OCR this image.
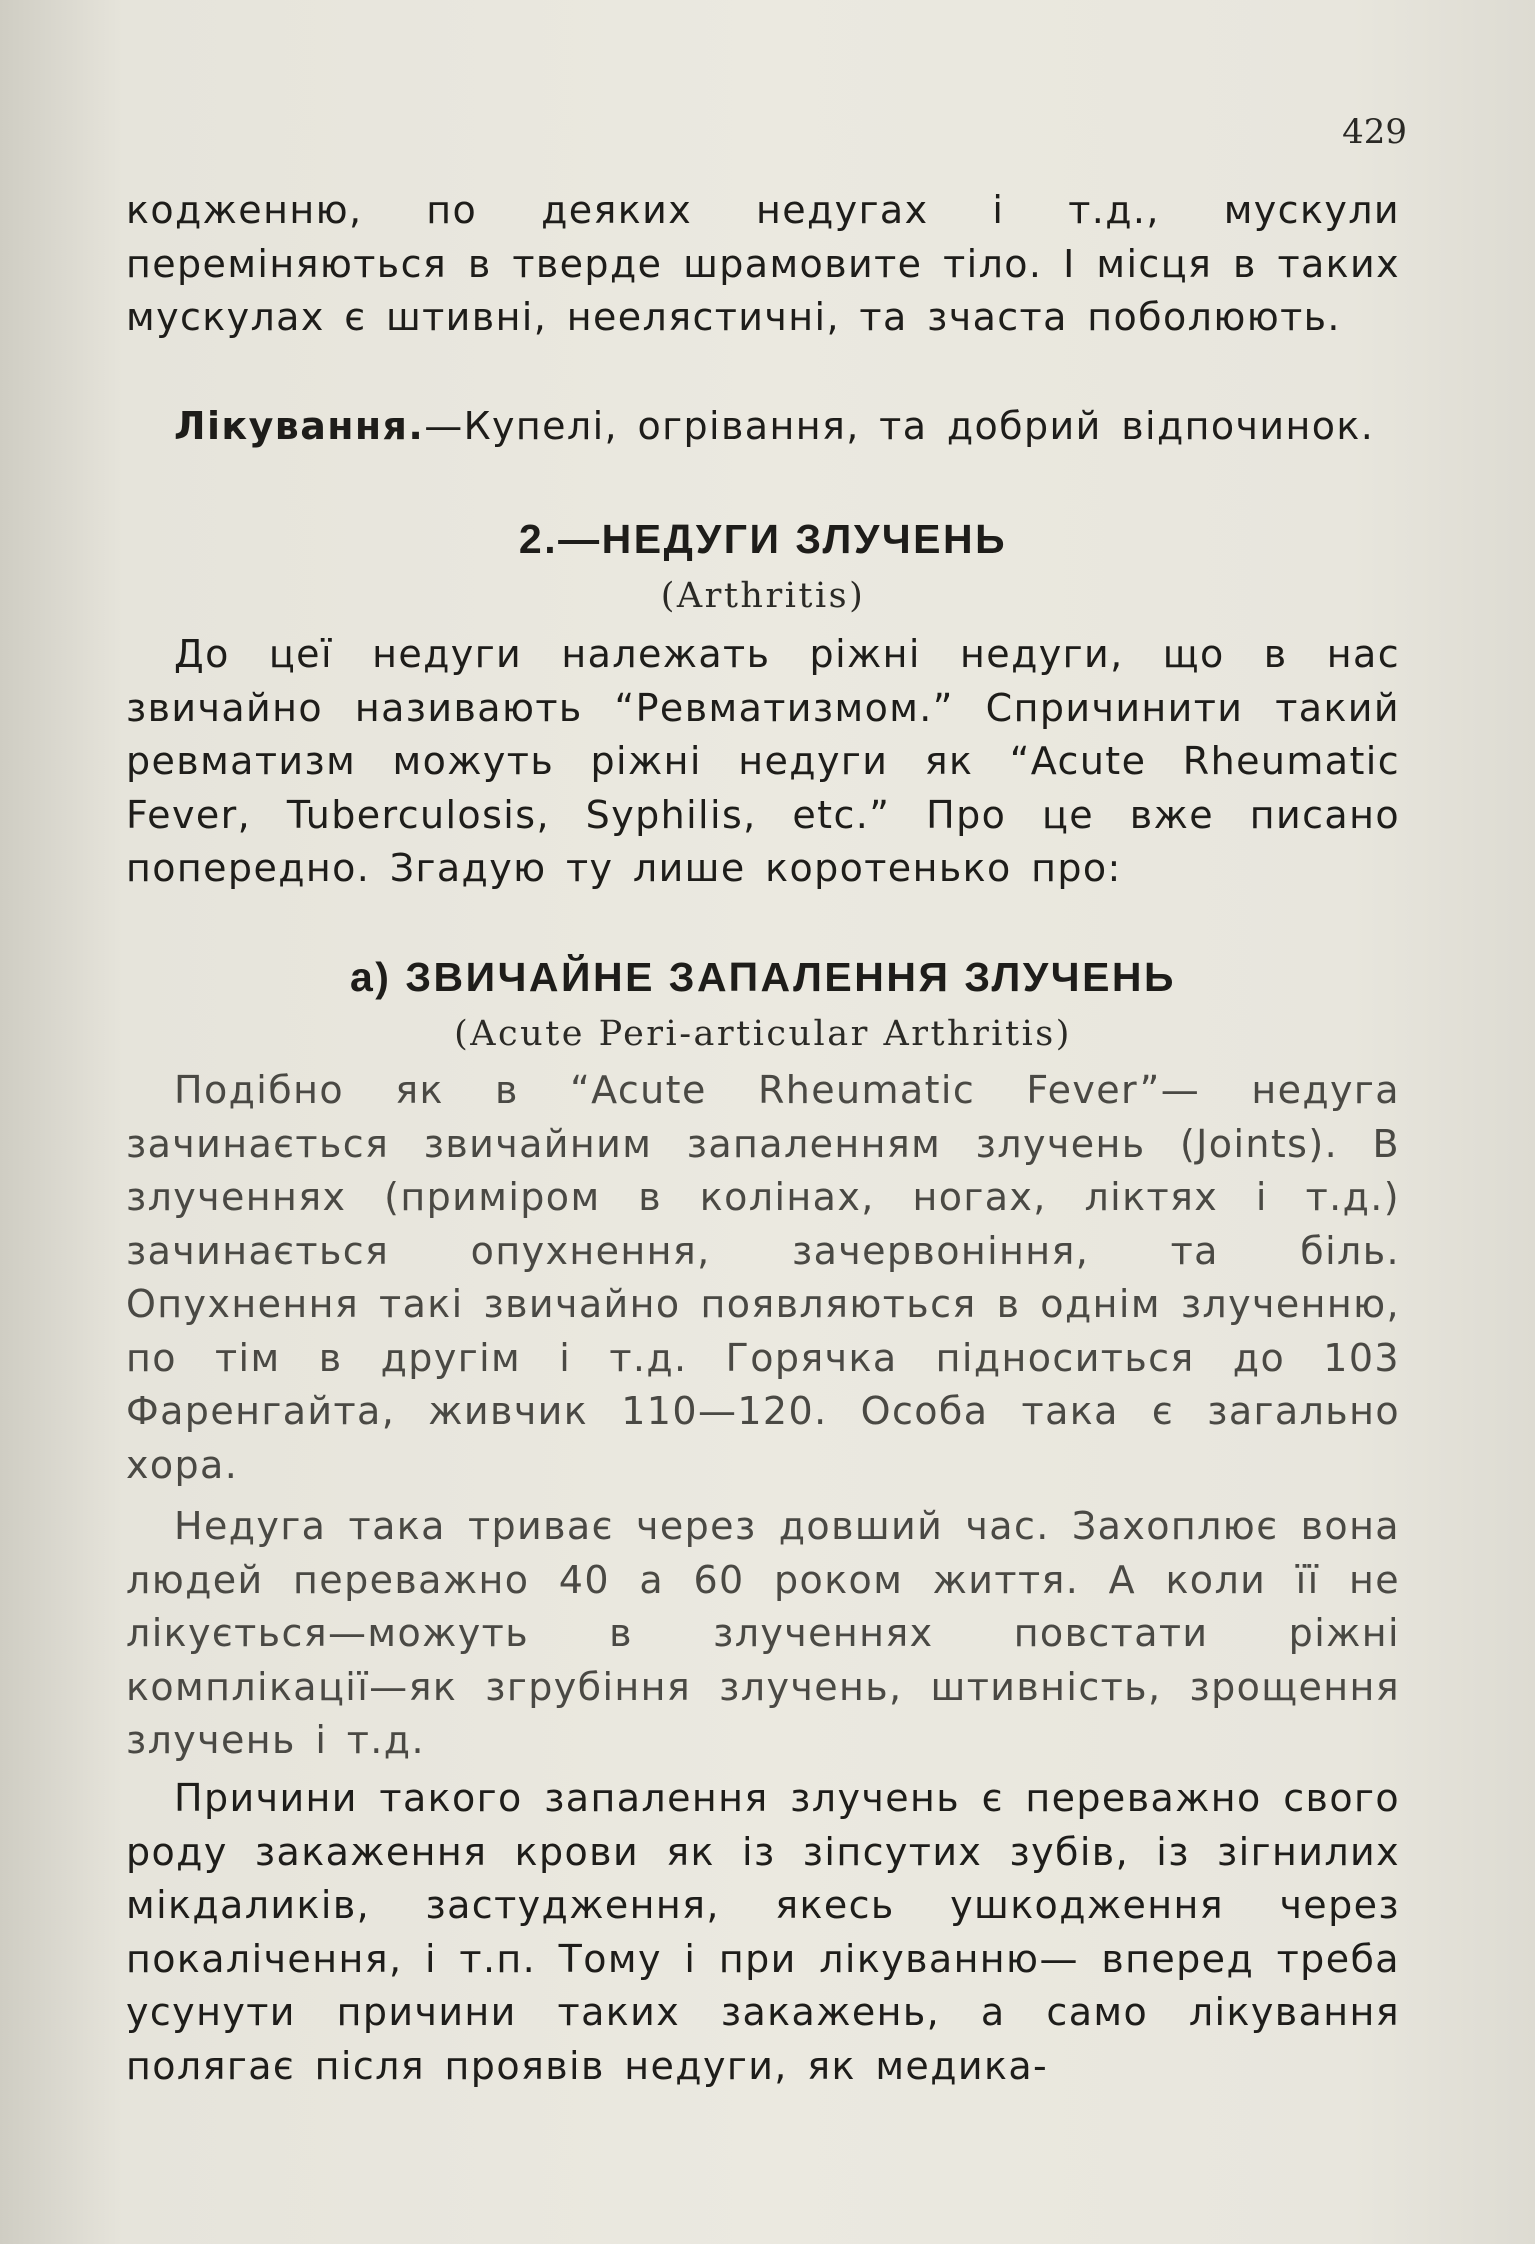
429

коджeнню, по деяких недугах і т.д., мускули переміняються в тверде шрамовите тіло. І місця в таких мускулах є штивні, неелястичні, та зчаста поболюють.

Лікування.—Купелі, огрівання, та добрий відпочинок.

2.—НЕДУГИ ЗЛУЧЕНЬ
(Arthritis)

До цеї недуги належать ріжні недуги, що в нас звичайно називають “Ревматизмом.” Спричинити такий ревматизм можуть ріжні недуги як “Acute Rheumatic Fever, Tuberculosis, Syphilis, etc.” Про це вже писано попередно. Згадую ту лише коротенько про:

а) ЗВИЧАЙНЕ ЗАПАЛЕННЯ ЗЛУЧЕНЬ
(Acute Peri-articular Arthritis)

Подібно як в “Acute Rheumatic Fever”— недуга зачинається звичайним запаленням злучень (Joints). В злученнях (приміром в колінах, ногах, ліктях і т.д.) зачинається опухнення, зачервоніння, та біль. Опухнення такі звичайно появляються в однім злученню, по тім в другім і т.д. Горячка підноситься до 103 Фаренгайта, живчик 110—120. Особа така є загально хора.

Недуга така триває через довший час. Захоплює вона людей переважно 40 а 60 роком життя. А коли її не лікується—можуть в злученнях повстати ріжні комплікації—як згрубіння злучень, штивність, зрощення злучень і т.д.

Причини такого запалення злучень є переважно свого роду закаження крови як із зіпсутих зубів, із зігнилих мікдаликів, застудження, якесь ушкодження через покалічення, і т.п. Тому і при лікуванню— вперед треба усунути причини таких закажень, а само лікування полягає після проявів недуги, як медика-
